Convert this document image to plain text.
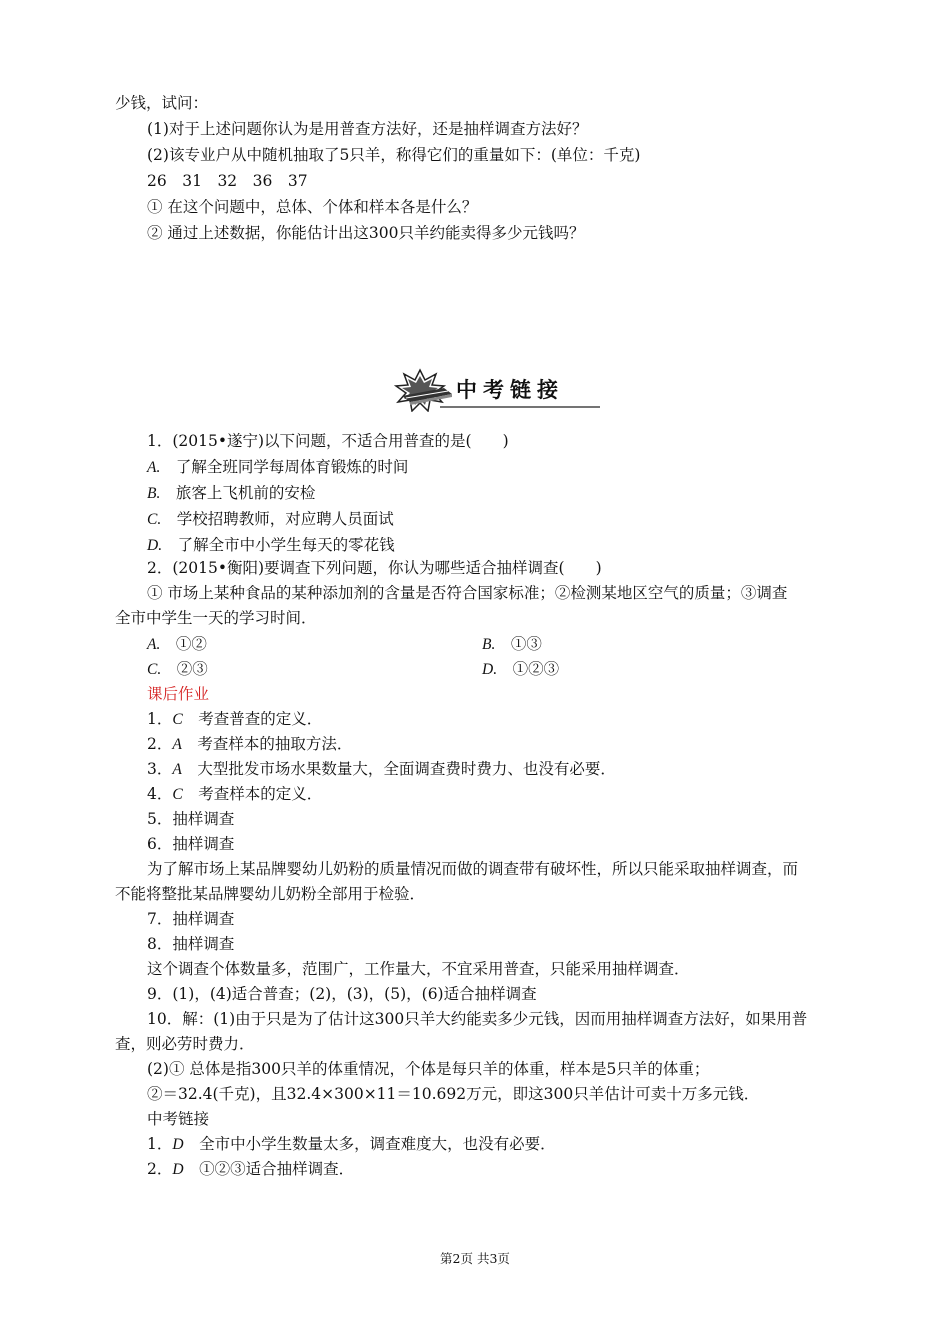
少钱，试问：
(1)对于上述问题你认为是用普查方法好，还是抽样调查方法好？
(2)该专业户从中随机抽取了5只羊，称得它们的重量如下：(单位：千克)
26　31　32　36　37
① 在这个问题中，总体、个体和样本各是什么？
② 通过上述数据，你能估计出这300只羊约能卖得多少元钱吗？
中考链接
1．(2015•遂宁)以下问题，不适合用普查的是(　　)
A.　 了解全班同学每周体育锻炼的时间
B.　 旅客上飞机前的安检
C.　 学校招聘教师，对应聘人员面试
D.　 了解全市中小学生每天的零花钱
2．(2015•衡阳)要调查下列问题，你认为哪些适合抽样调查(　　)
① 市场上某种食品的某种添加剂的含量是否符合国家标准；②检测某地区空气的质量；③调查
全市中学生一天的学习时间．
A.　 ①②	B.　 ①③
C.　 ②③	D.　 ①②③
课后作业
1．C　 考查普查的定义．
2．A　 考查样本的抽取方法．
3．A　 大型批发市场水果数量大，全面调查费时费力、也没有必要．
4．C　 考查样本的定义．
5．抽样调查
6．抽样调查
为了解市场上某品牌婴幼儿奶粉的质量情况而做的调查带有破坏性，所以只能采取抽样调查，而
不能将整批某品牌婴幼儿奶粉全部用于检验．
7．抽样调查
8．抽样调查
这个调查个体数量多，范围广，工作量大，不宜采用普查，只能采用抽样调查．
9．(1)，(4)适合普查；(2)，(3)，(5)，(6)适合抽样调查
10．解：(1)由于只是为了估计这300只羊大约能卖多少元钱，因而用抽样调查方法好，如果用普
查，则必劳时费力．
(2)① 总体是指300只羊的体重情况，个体是每只羊的体重，样本是5只羊的体重；
②＝32.4(千克)，且32.4×300×11＝10.692万元，即这300只羊估计可卖十万多元钱．
中考链接
1．D　 全市中小学生数量太多，调查难度大，也没有必要．
2．D　 ①②③适合抽样调查．
第2页 共3页
